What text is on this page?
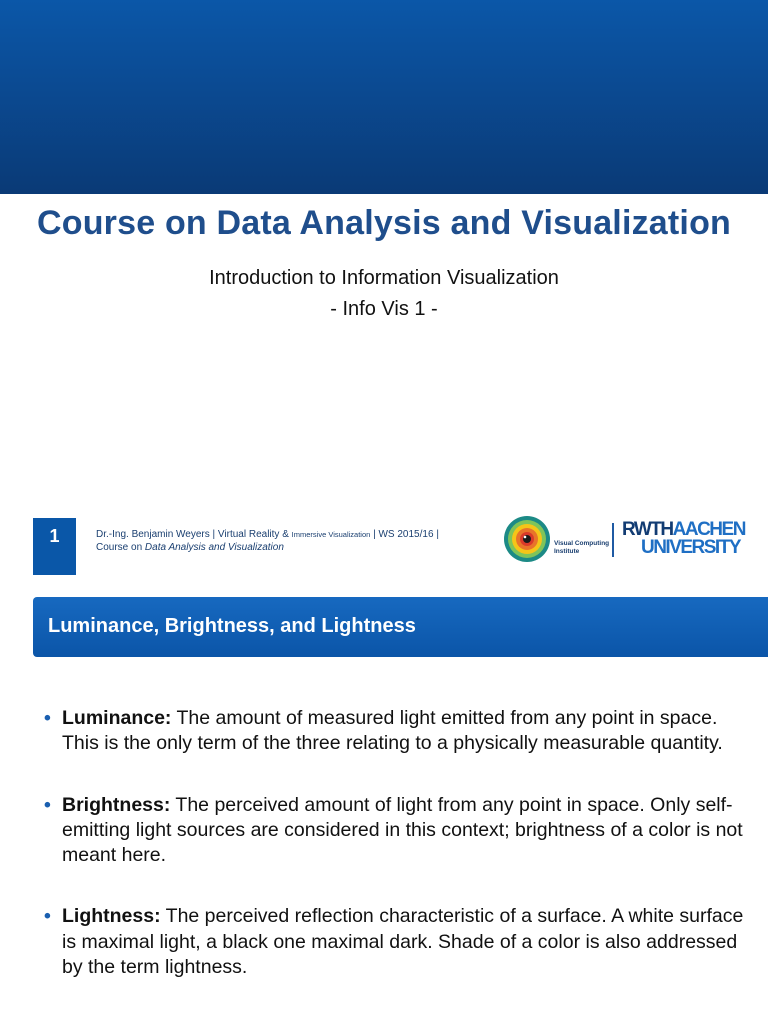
Course on Data Analysis and Visualization
Introduction to Information Visualization
- Info Vis 1 -
1	Dr.-Ing. Benjamin Weyers | Virtual Reality & Immersive Visualization | WS 2015/16 |
Course on Data Analysis and Visualization	Visual Computing
Institute
RWTHAACHEN
UNIVERSITY
Luminance, Brightness, and Lightness
• Luminance: The amount of measured light emitted from any point in space. This is the only term of the three relating to a physically measurable quantity.
• Brightness: The perceived amount of light from any point in space. Only self-emitting light sources are considered in this context; brightness of a color is not meant here.
• Lightness: The perceived reflection characteristic of a surface. A white surface is maximal light, a black one maximal dark. Shade of a color is also addressed by the term lightness.
